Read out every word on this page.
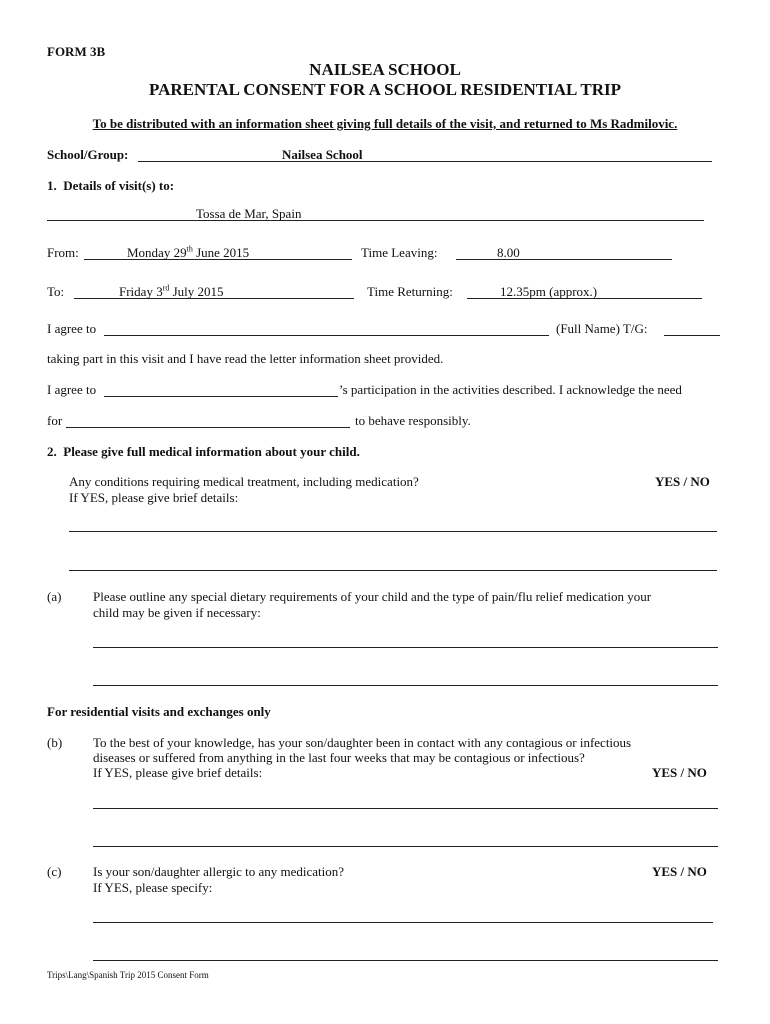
FORM 3B
NAILSEA SCHOOL
PARENTAL CONSENT FOR A SCHOOL RESIDENTIAL TRIP
To be distributed with an information sheet giving full details of the visit, and returned to Ms Radmilovic.
School/Group:	Nailsea School
1.  Details of visit(s) to:
Tossa de Mar, Spain
From:	Monday 29th June 2015	Time Leaving:	8.00
To:	Friday 3rd July 2015	Time Returning:	12.35pm (approx.)
I agree to	(Full Name) T/G:
taking part in this visit and I have read the letter information sheet provided.
I agree to	’s participation in the activities described. I acknowledge the need
for	to behave responsibly.
2.  Please give full medical information about your child.
Any conditions requiring medical treatment, including medication?	YES / NO
If YES, please give brief details:
(a) Please outline any special dietary requirements of your child and the type of pain/flu relief medication your
child may be given if necessary:
For residential visits and exchanges only
(b) To the best of your knowledge, has your son/daughter been in contact with any contagious or infectious
diseases or suffered from anything in the last four weeks that may be contagious or infectious?
If YES, please give brief details:	YES / NO
(c) Is your son/daughter allergic to any medication?	YES / NO
If YES, please specify:
Trips\Lang\Spanish Trip 2015 Consent Form
